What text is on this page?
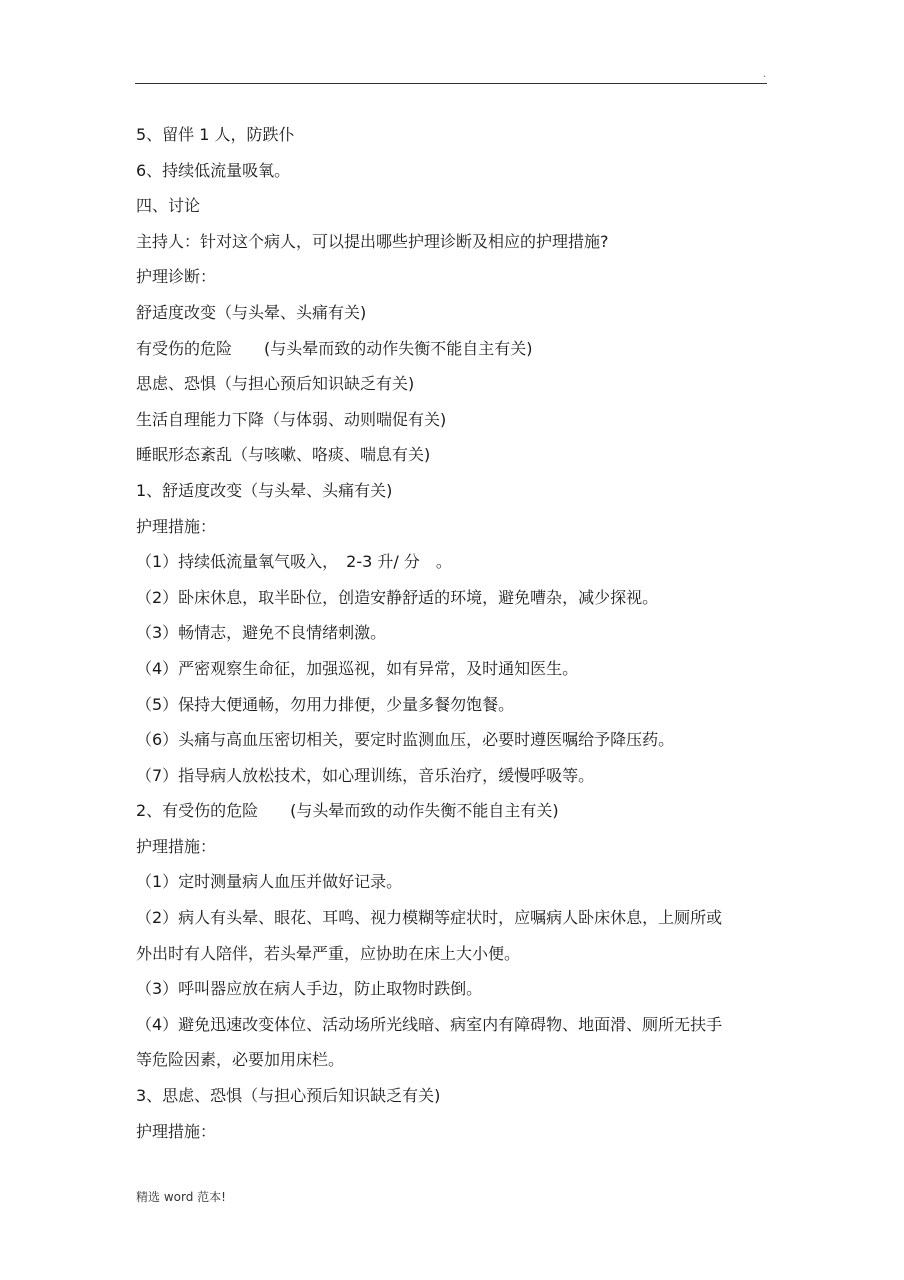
.
5、留伴 1 人，防跌仆
6、持续低流量吸氧。
四、讨论
主持人：针对这个病人，可以提出哪些护理诊断及相应的护理措施?
护理诊断：
舒适度改变（与头晕、头痛有关)
有受伤的危险　　(与头晕而致的动作失衡不能自主有关)
思虑、恐惧（与担心预后知识缺乏有关)
生活自理能力下降（与体弱、动则喘促有关)
睡眠形态紊乱（与咳嗽、咯痰、喘息有关)
1、舒适度改变（与头晕、头痛有关)
护理措施：
（1）持续低流量氧气吸入，　2-3 升/ 分　。
（2）卧床休息，取半卧位，创造安静舒适的环境，避免嘈杂，减少探视。
（3）畅情志，避免不良情绪刺激。
（4）严密观察生命征，加强巡视，如有异常，及时通知医生。
（5）保持大便通畅，勿用力排便，少量多餐勿饱餐。
（6）头痛与高血压密切相关，要定时监测血压，必要时遵医嘱给予降压药。
（7）指导病人放松技术，如心理训练，音乐治疗，缓慢呼吸等。
2、有受伤的危险　　(与头晕而致的动作失衡不能自主有关)
护理措施：
（1）定时测量病人血压并做好记录。
（2）病人有头晕、眼花、耳鸣、视力模糊等症状时，应嘱病人卧床休息，上厕所或外出时有人陪伴，若头晕严重，应协助在床上大小便。
（3）呼叫器应放在病人手边，防止取物时跌倒。
（4）避免迅速改变体位、活动场所光线暗、病室内有障碍物、地面滑、厕所无扶手等危险因素，必要加用床栏。
3、思虑、恐惧（与担心预后知识缺乏有关)
护理措施：
精选 word 范本!
